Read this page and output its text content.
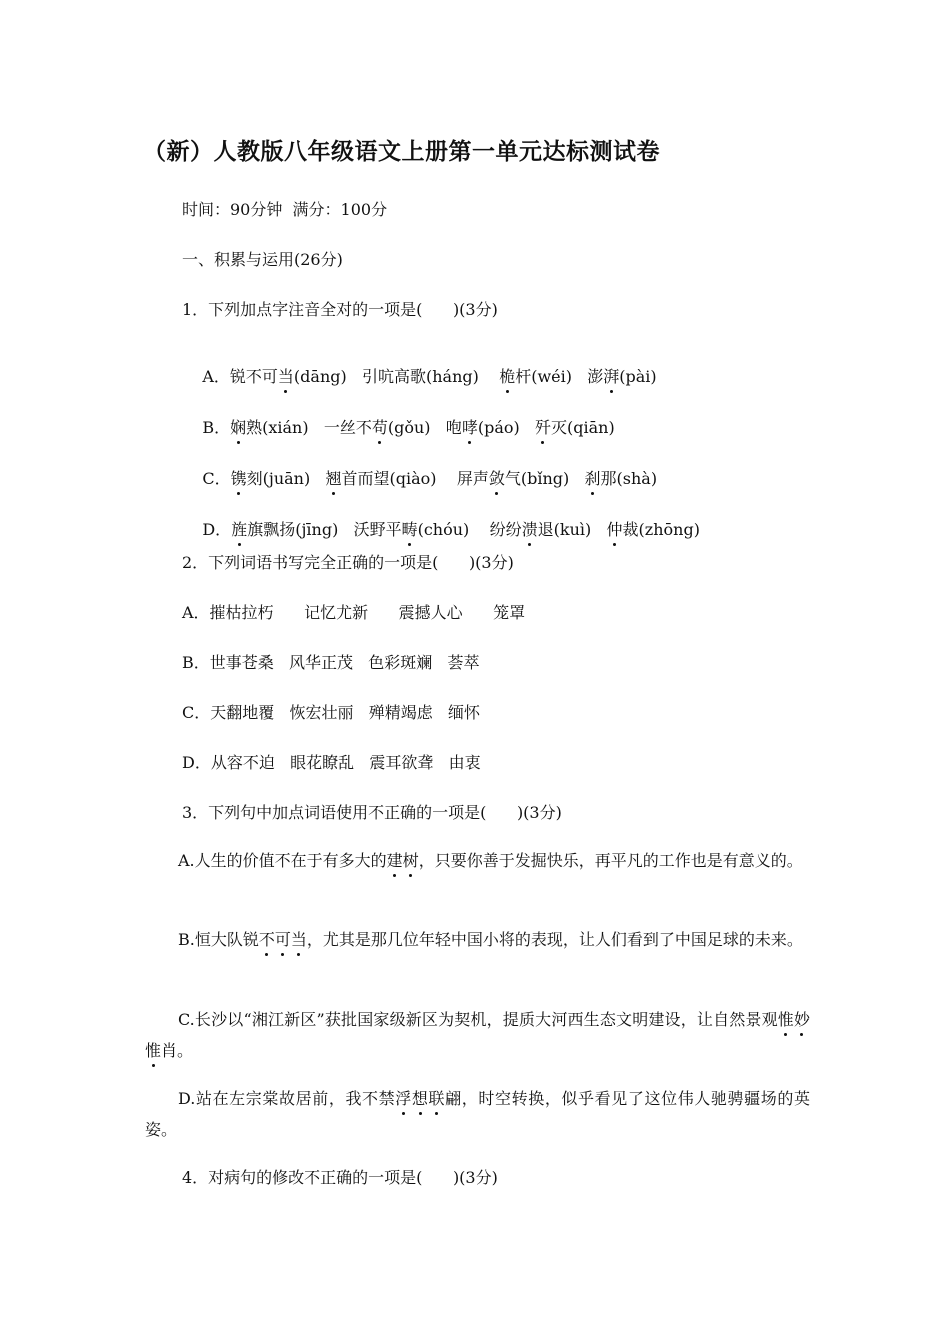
（新）人教版八年级语文上册第一单元达标测试卷
时间：90分钟  满分：100分
一、积累与运用(26分)
1．下列加点字注音全对的一项是(      )(3分)

A．锐不可当(dāng)   引吭高歌(háng)    桅杆(wéi)   澎湃(pài)

B．娴熟(xián)   一丝不苟(gǒu)   咆哮(páo)   歼灭(qiān)

C．镌刻(juān)   翘首而望(qiào)    屏声敛气(bǐng)   刹那(shà)

D．旌旗飘扬(jīng)   沃野平畴(chóu)    纷纷溃退(kuì)   仲裁(zhōng)

2．下列词语书写完全正确的一项是(      )(3分)
A．摧枯拉朽      记忆尤新      震撼人心      笼罩
B．世事苍桑   风华正茂   色彩斑斓   荟萃
C．天翻地覆   恢宏壮丽   殚精竭虑   缅怀
D．从容不迫   眼花瞭乱   震耳欲聋   由衷
3．下列句中加点词语使用不正确的一项是(      )(3分)
A.人生的价值不在于有多大的建树，只要你善于发掘快乐，再平凡的工作也是有意义的。
B.恒大队锐不可当，尤其是那几位年轻中国小将的表现，让人们看到了中国足球的未来。
C.长沙以“湘江新区”获批国家级新区为契机，提质大河西生态文明建设，让自然景观惟妙惟肖。
D.站在左宗棠故居前，我不禁浮想联翩，时空转换，似乎看见了这位伟人驰骋疆场的英姿。
4．对病句的修改不正确的一项是(      )(3分)
